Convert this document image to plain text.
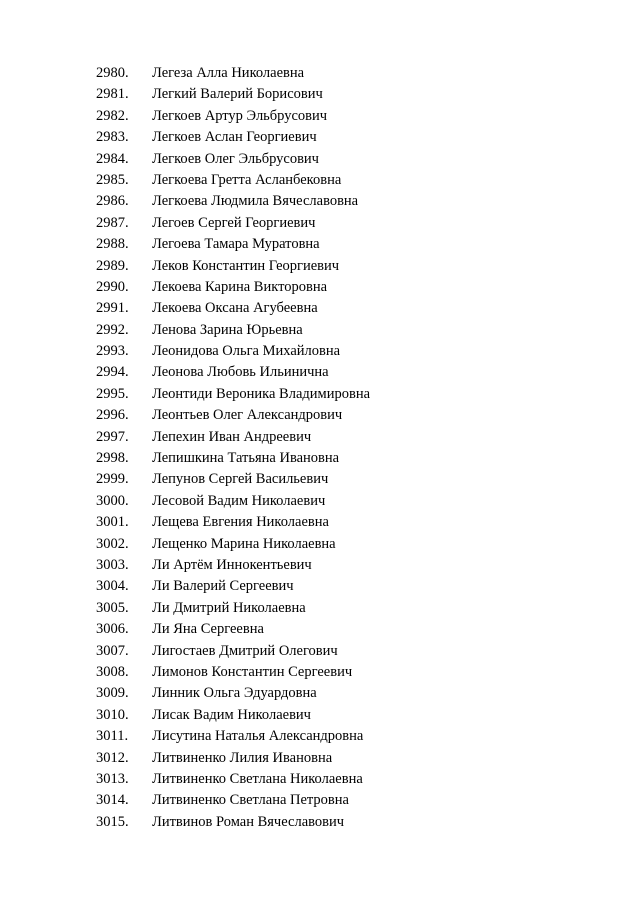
2980. Легеза Алла Николаевна
2981. Легкий Валерий Борисович
2982. Легкоев Артур Эльбрусович
2983. Легкоев Аслан Георгиевич
2984. Легкоев Олег Эльбрусович
2985. Легкоева Гретта Асланбековна
2986. Легкоева Людмила Вячеславовна
2987. Легоев Сергей Георгиевич
2988. Легоева Тамара Муратовна
2989. Леков Константин Георгиевич
2990. Лекоева Карина Викторовна
2991. Лекоева Оксана Агубеевна
2992. Ленова Зарина Юрьевна
2993. Леонидова Ольга Михайловна
2994. Леонова Любовь Ильинична
2995. Леонтиди Вероника Владимировна
2996. Леонтьев Олег Александрович
2997. Лепехин Иван Андреевич
2998. Лепишкина Татьяна Ивановна
2999. Лепунов Сергей Васильевич
3000. Лесовой Вадим Николаевич
3001. Лещева Евгения Николаевна
3002. Лещенко Марина Николаевна
3003. Ли Артём Иннокентьевич
3004. Ли Валерий Сергеевич
3005. Ли Дмитрий Николаевна
3006. Ли Яна Сергеевна
3007. Лигостаев Дмитрий Олегович
3008. Лимонов Константин Сергеевич
3009. Линник Ольга Эдуардовна
3010. Лисак Вадим Николаевич
3011. Лисутина Наталья Александровна
3012. Литвиненко Лилия Ивановна
3013. Литвиненко Светлана Николаевна
3014. Литвиненко Светлана Петровна
3015. Литвинов Роман Вячеславович
